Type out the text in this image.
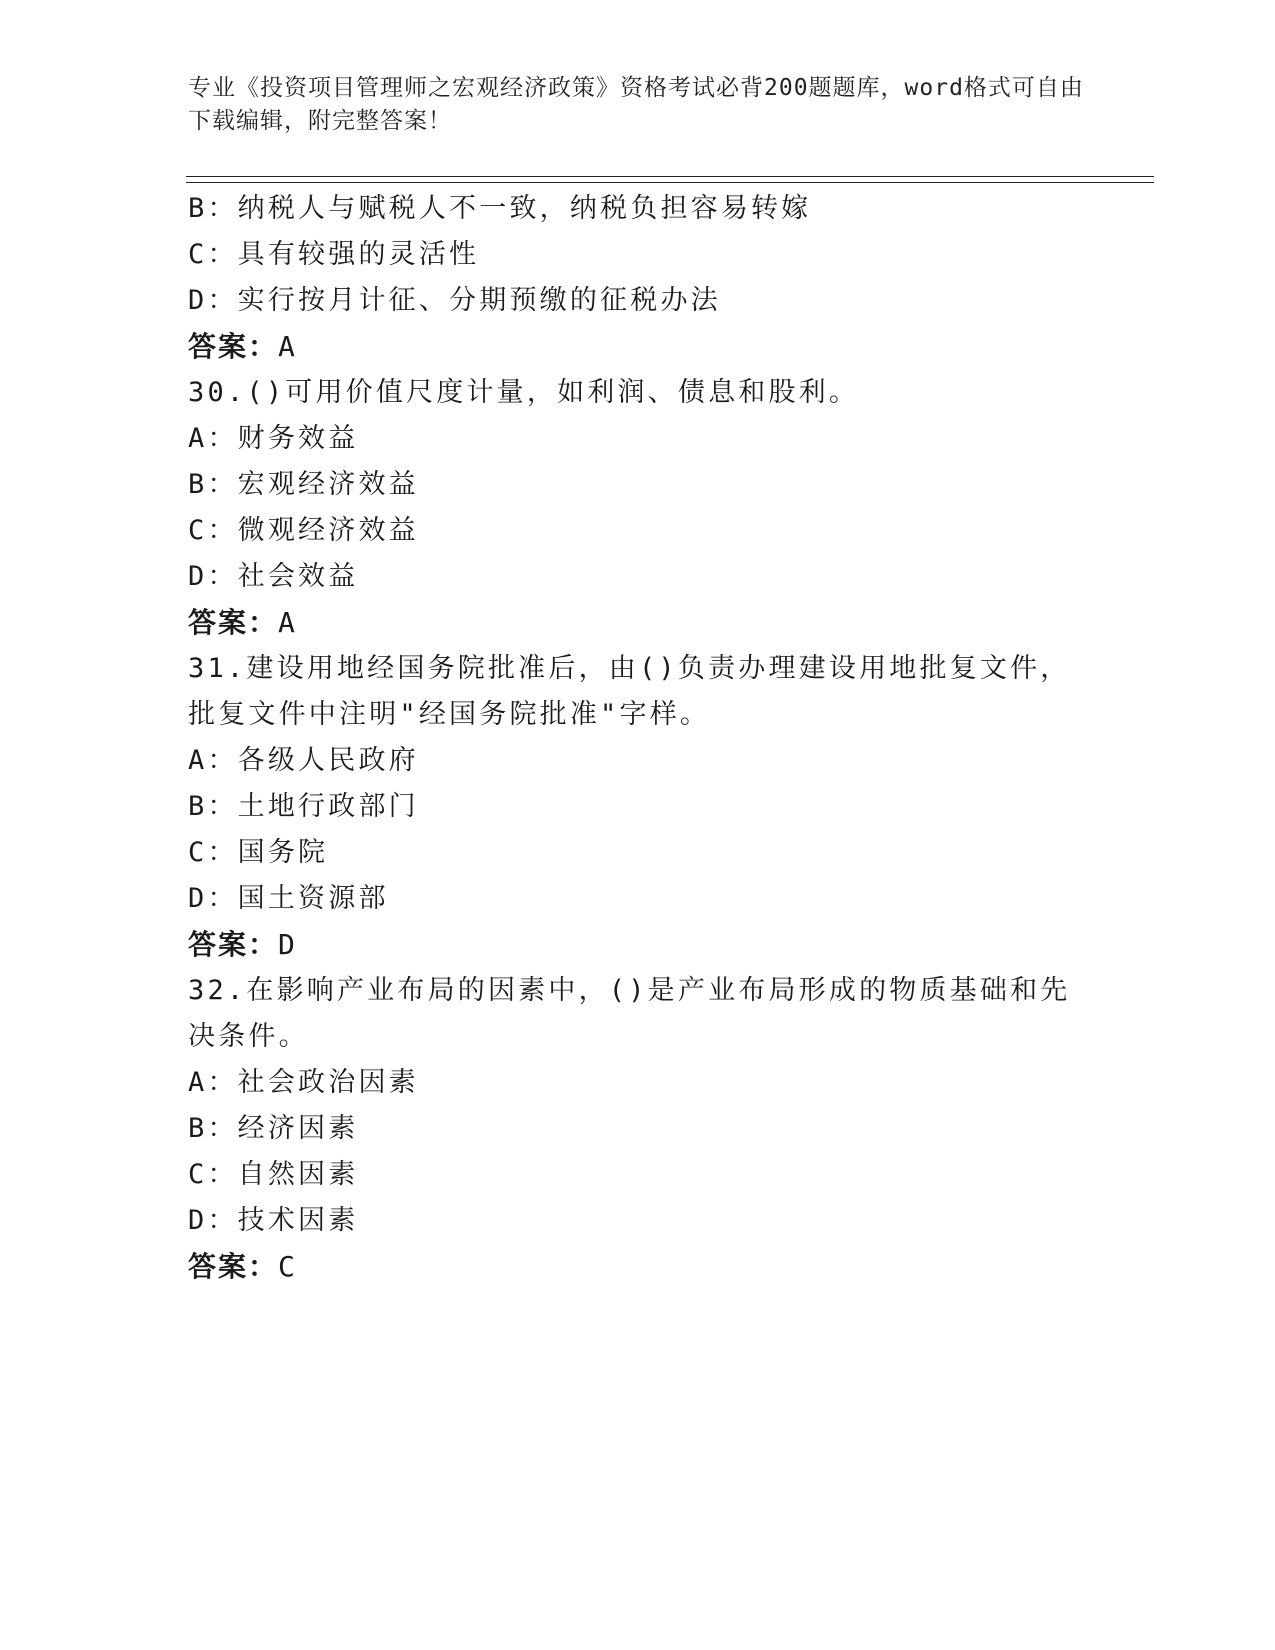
专业《投资项目管理师之宏观经济政策》资格考试必背200题题库，word格式可自由下载编辑，附完整答案！
B：纳税人与赋税人不一致，纳税负担容易转嫁
C：具有较强的灵活性
D：实行按月计征、分期预缴的征税办法
答案：A
30.()可用价值尺度计量，如利润、债息和股利。
A：财务效益
B：宏观经济效益
C：微观经济效益
D：社会效益
答案：A
31.建设用地经国务院批准后，由()负责办理建设用地批复文件，批复文件中注明"经国务院批准"字样。
A：各级人民政府
B：土地行政部门
C：国务院
D：国土资源部
答案：D
32.在影响产业布局的因素中，()是产业布局形成的物质基础和先决条件。
A：社会政治因素
B：经济因素
C：自然因素
D：技术因素
答案：C
